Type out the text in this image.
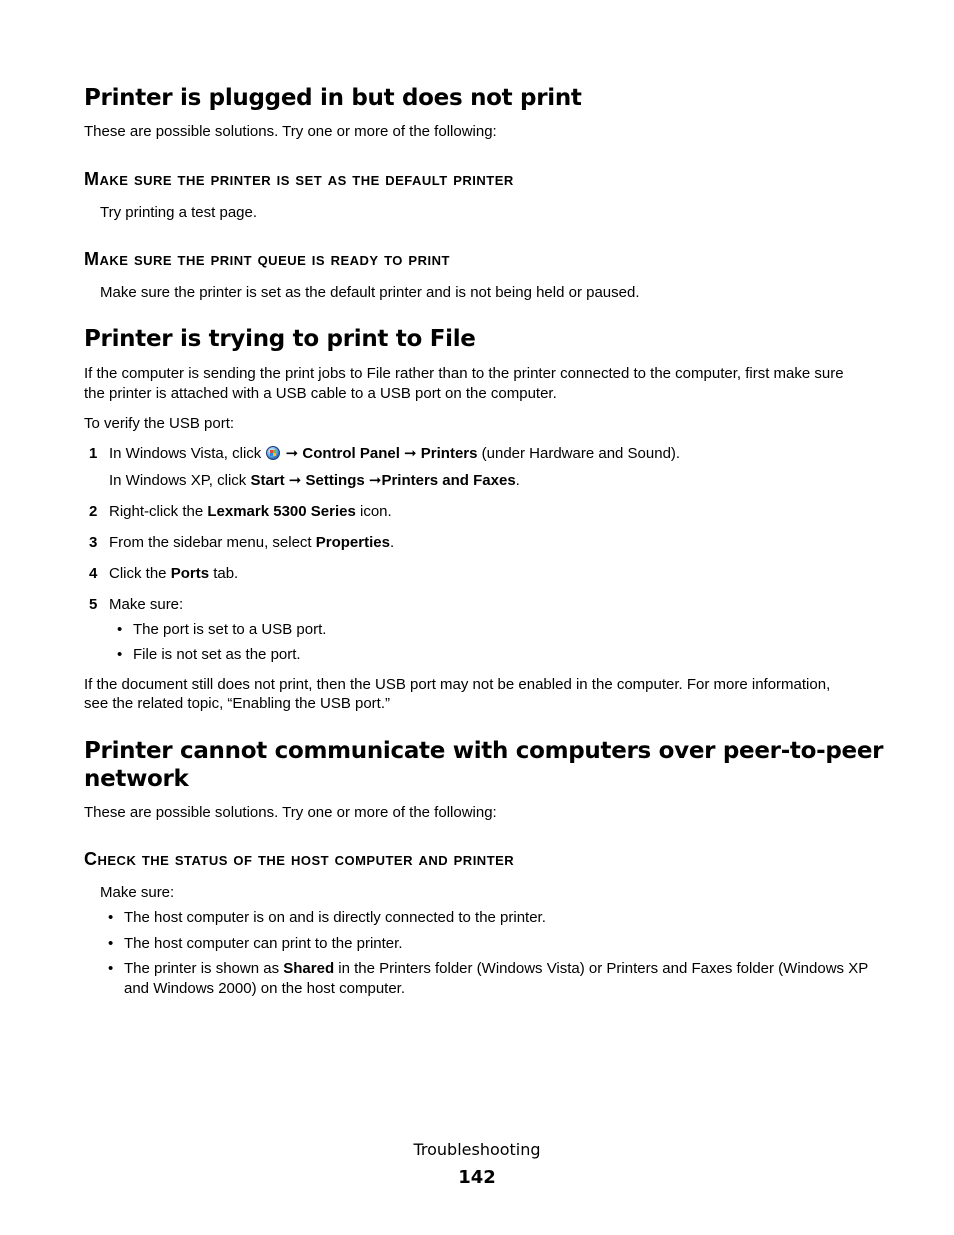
Printer is plugged in but does not print

These are possible solutions. Try one or more of the following:

Make sure the printer is set as the default printer

Try printing a test page.

Make sure the print queue is ready to print

Make sure the printer is set as the default printer and is not being held or paused.

Printer is trying to print to File

If the computer is sending the print jobs to File rather than to the printer connected to the computer, first make sure

the printer is attached with a USB cable to a USB port on the computer.

To verify the USB port:

1 In Windows Vista, click  ➞ Control Panel ➞ Printers (under Hardware and Sound).

In Windows XP, click Start ➞ Settings ➞Printers and Faxes.

2 Right-click the Lexmark 5300 Series icon.

3 From the sidebar menu, select Properties.

4 Click the Ports tab.

5 Make sure:

• The port is set to a USB port.

• File is not set as the port.

If the document still does not print, then the USB port may not be enabled in the computer. For more information,

see the related topic, “Enabling the USB port.”

Printer cannot communicate with computers over peer-to-peer
network

These are possible solutions. Try one or more of the following:

Check the status of the host computer and printer

Make sure:

• The host computer is on and is directly connected to the printer.

• The host computer can print to the printer.

• The printer is shown as Shared in the Printers folder (Windows Vista) or Printers and Faxes folder (Windows XP

and Windows 2000) on the host computer.

Troubleshooting
142
